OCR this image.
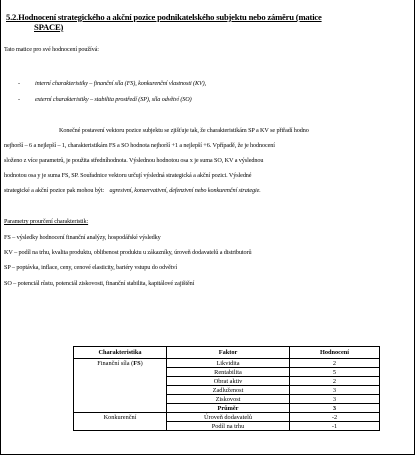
5.2.Hodnocení strategického a akční pozice podnikatelského subjektu nebo záměru (matice
SPACE)
Tato matice pro své hodnocení používá:
- interní charakteristiky – finanční síla (FS), konkurenční vlastnosti (KV),
- externí charakteristiky – stabilita prostředí (SP), síla odvětví (SO)
Konečné postavení vektoru pozice subjektu se zjišťuje tak, že charakteristikám SP a KV se přiřadí hodno
nejhorší – 6 a nejlepší – 1, charakteristikám FS a SO hodnota nejhorší +1 a nejlepší +6. Vpřípadě, že je hodnocení
složeno z více parametrů, je použita středníhodnota. Výslednou hodnotou osa x je suma SO, KV a výslednou
hodnotou osa y je suma FS, SP. Souřadnice vektoru určují výsledná strategická a akční pozici. Výsledné
strategické a akční pozice pak mohou být: agresivní, konzervativní, defenzivní nebo konkurenční strategie.
Parametry prourčení charakteristik:
FS – výsledky hodnocení finanční analýzy, hospodářské výsledky
KV – podíl na trhu, kvalita produktu, oblibenost produktu u zákazníky, úroveň dodavatelů a distributorů
SP – poptávka, inflace, ceny, cenové elasticity, bariéry vstupu do odvětví
SO – potenciál růstu, potenciál ziskovosti, finanční stabilita, kapitálové zajištění
Charakteristika	Faktor	Hodnocení
Finanční síla (FS)	Likvidita	2
	Rentabilita	5
	Obrat aktiv	2
	Zadluženost	3
	Ziskovost	3
	Průměr	3
Konkurenční	Úroveň dodavatelů	-2
	Podíl na trhu	-1
